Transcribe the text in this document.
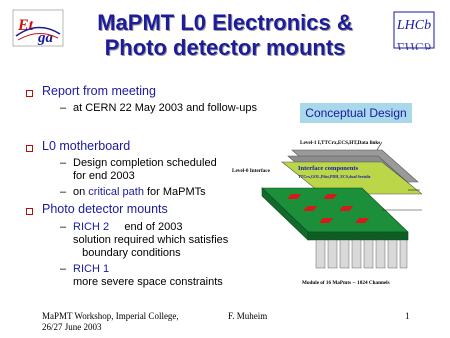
Et
ga
MaPMT L0 Electronics &
Photo detector mounts
LHCb
LHCb
Conceptual Design
Report from meeting
– at CERN 22 May 2003 and follow-ups
L0 motherboard
– Design completion scheduled
for end 2003
– on critical path for MaPMTs
Photo detector mounts
– RICH 2     end of 2003
solution required which satisfies
boundary conditions
– RICH 1
more severe space constraints
Level-1 I,TTCrx,ECS,HT,Data links
Level-0 Interface	Interface components
TTCrx,GOL,Pilot,PDH, ECS,dual Serializ
Module of 16 MaPmts -- 1024 Channels
MaPMT Workshop, Imperial College,
26/27 June 2003
F. Muheim	1
